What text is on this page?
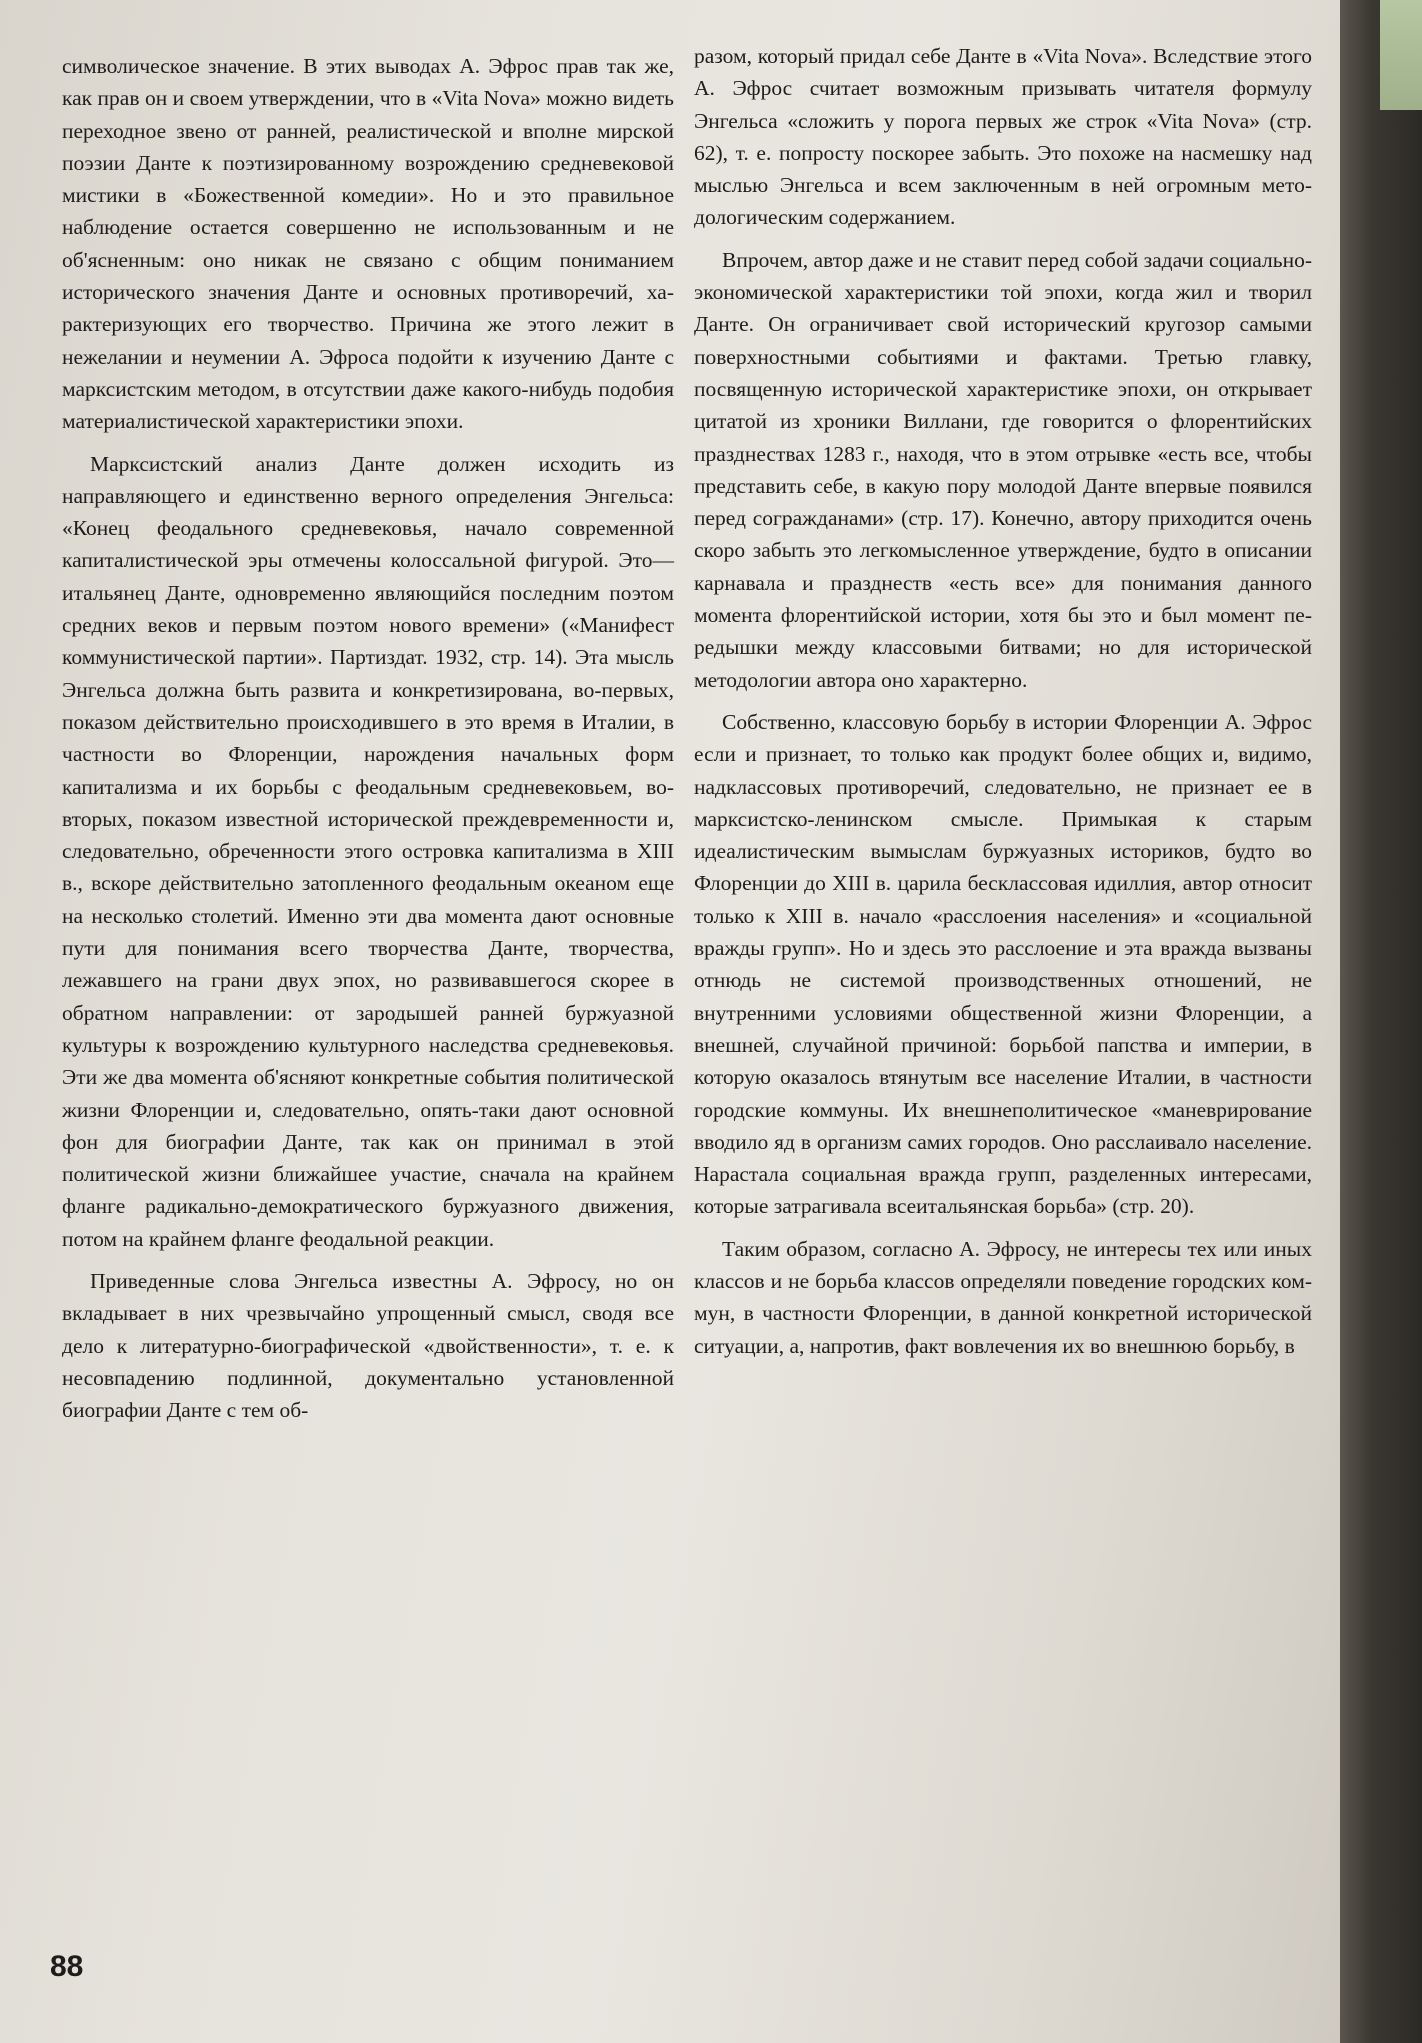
символическое значение. В этих выводах А. Эфрос прав так же, как прав он и своем утверждении, что в «Vita Nova» можно видеть переходное звено от ранней, реалистической и вполне мирской поэзии Данте к поэтизированному возрождению средневековой мистики в «Божественной комедии». Но и это правильное наблюдение остается совершенно не использованным и не об'ясненным: оно никак не связано с общим пониманием исторического значения Данте и основных противоречий, характеризующих его творчество. Причина же этого лежит в нежелании и неумении А. Эфроса подойти к изучению Данте с марксистским методом, в отсутствии даже какого-нибудь подобия материалистической характеристики эпохи.

Марксистский анализ Данте должен исходить из направляющего и единственно верного определения Энгельса: «Конец феодального средневековья, начало современной капиталистической эры отмечены колоссальной фигурой. Это—итальянец Данте, одновременно являющийся последним поэтом средних веков и первым поэтом нового времени» («Манифест коммунистической партии». Партиздат. 1932, стр. 14). Эта мысль Энгельса должна быть развита и конкретизирована, во-первых, показом действительно происходившего в это время в Италии, в частности во Флоренции, нарождения начальных форм капитализма и их борьбы с феодальным средневековьем, во-вторых, показом известной исторической преждевременности и, следовательно, обреченности этого островка капитализма в XIII в., вскоре действительно затопленного феодальным океаном еще на несколько столетий. Именно эти два момента дают основные пути для понимания всего творчества Данте, творчества, лежавшего на грани двух эпох, но развивавшегося скорее в обратном направлении: от зародышей ранней буржуазной культуры к возрождению культурного наследства средневековья. Эти же два момента об'ясняют конкретные события политической жизни Флоренции и, следовательно, опять-таки дают основной фон для биографии Данте, так как он принимал в этой политической жизни ближайшее участие, сначала на крайнем фланге радикально-демократического буржуазного движения, потом на крайнем фланге феодальной реакции.

Приведенные слова Энгельса известны А. Эфросу, но он вкладывает в них чрезвычайно упрощенный смысл, сводя все дело к литературно-биографической «двойственности», т. е. к несовпадению подлинной, документально установленной биографии Данте с тем об-

разом, который придал себе Данте в «Vita Nova». Вследствие этого А. Эфрос считает возможным призывать читателя формулу Энгельса «сложить у порога первых же строк «Vita Nova» (стр. 62), т. е. попросту поскорее забыть. Это похоже на насмешку над мыслью Энгельса и всем заключенным в ней огромным методологическим содержанием.

Впрочем, автор даже и не ставит перед собой задачи социально-экономической характеристики той эпохи, когда жил и творил Данте. Он ограничивает свой исторический кругозор самыми поверхностными событиями и фактами. Третью главку, посвященную исторической характеристике эпохи, он открывает цитатой из хроники Виллани, где говорится о флорентийских празднествах 1283 г., находя, что в этом отрывке «есть все, чтобы представить себе, в какую пору молодой Данте впервые появился перед согражданами» (стр. 17). Конечно, автору приходится очень скоро забыть это легкомысленное утверждение, будто в описании карнавала и празднеств «есть все» для понимания данного момента флорентийской истории, хотя бы это и был момент передышки между классовыми битвами; но для исторической методологии автора оно характерно.

Собственно, классовую борьбу в истории Флоренции А. Эфрос если и признает, то только как продукт более общих и, видимо, надклассовых противоречий, следовательно, не признает ее в марксистско-ленинском смысле. Примыкая к старым идеалистическим вымыслам буржуазных историков, будто во Флоренции до XIII в. царила бесклассовая идиллия, автор относит только к XIII в. начало «расслоения населения» и «социальной вражды групп». Но и здесь это расслоение и эта вражда вызваны отнюдь не системой производственных отношений, не внутренними условиями общественной жизни Флоренции, а внешней, случайной причиной: борьбой папства и империи, в которую оказалось втянутым все население Италии, в частности городские коммуны. Их внешнеполитическое «маневрирование вводило яд в организм самих городов. Оно расслаивало население. Нарастала социальная вражда групп, разделенных интересами, которые затрагивала всеитальянская борьба» (стр. 20).

Таким образом, согласно А. Эфросу, не интересы тех или иных классов и не борьба классов определяли поведение городских коммун, в частности Флоренции, в данной конкретной исторической ситуации, а, напротив, факт вовлечения их во внешнюю борьбу, в

88
